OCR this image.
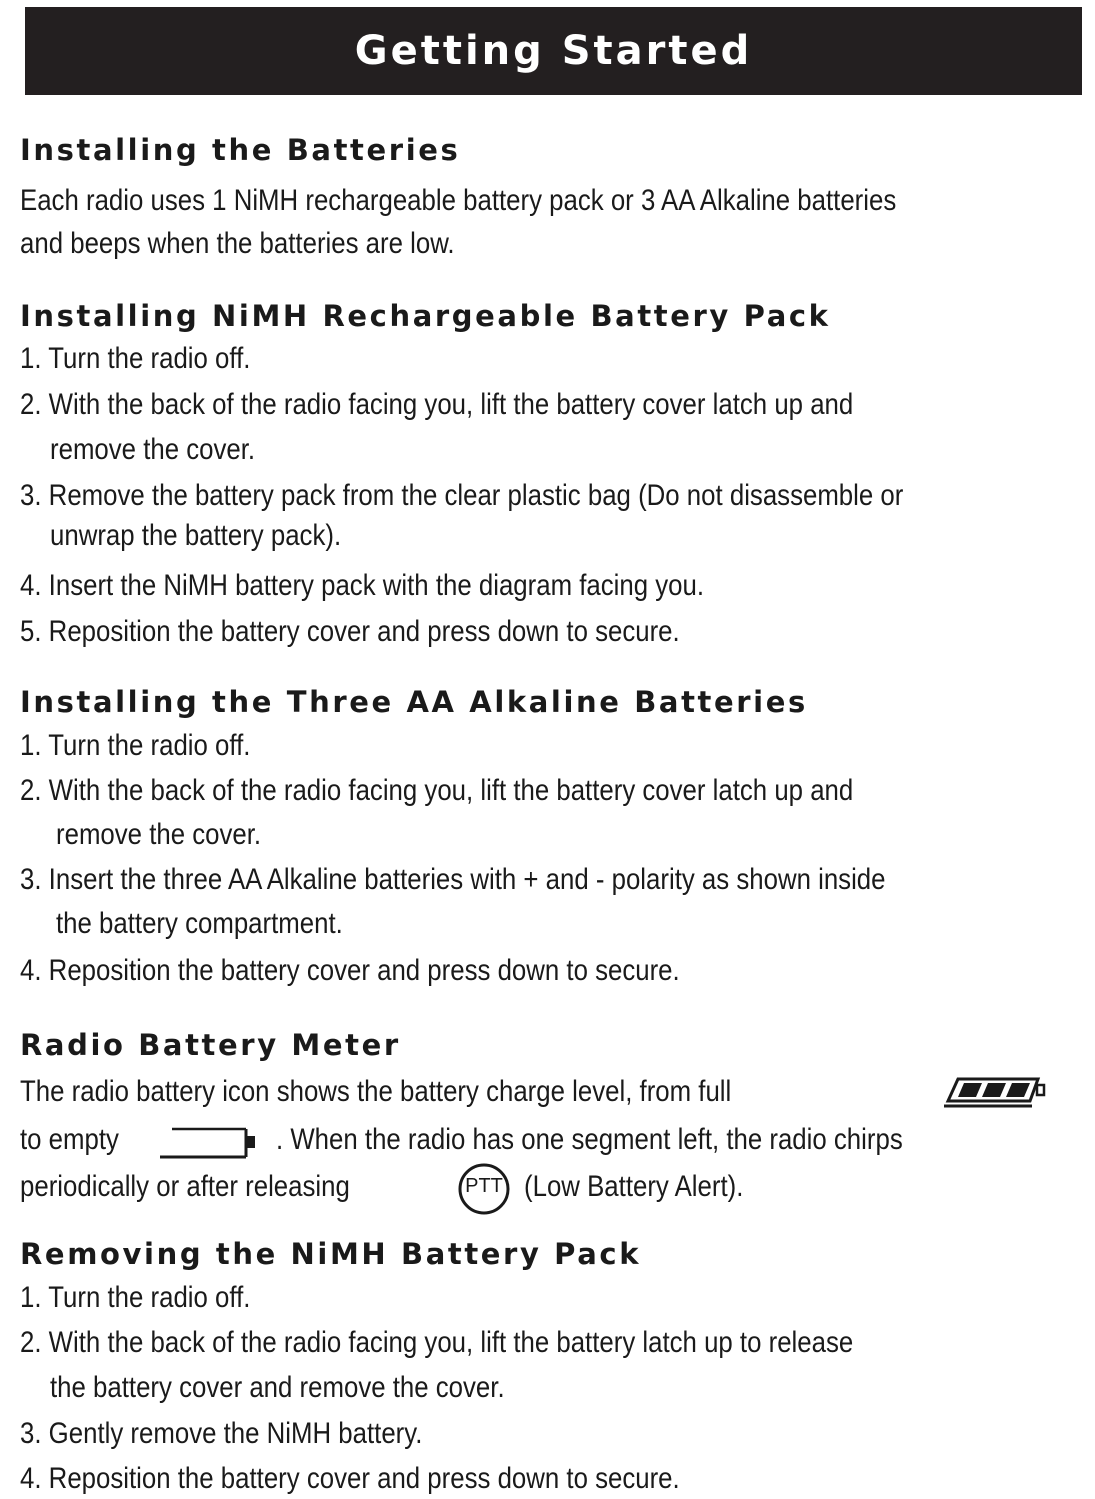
Getting Started
Installing the Batteries

Each radio uses 1 NiMH rechargeable battery pack or 3 AA Alkaline batteries

and beeps when the batteries are low.

Installing NiMH Rechargeable Battery Pack

1. Turn the radio off.

2. With the back of the radio facing you, lift the battery cover latch up and

remove the cover.

3. Remove the battery pack from the clear plastic bag (Do not disassemble or

unwrap the battery pack).

4. Insert the NiMH battery pack with the diagram facing you.

5. Reposition the battery cover and press down to secure.

Installing the Three AA Alkaline Batteries

1. Turn the radio off.

2. With the back of the radio facing you, lift the battery cover latch up and

remove the cover.

3. Insert the three AA Alkaline batteries with + and - polarity as shown inside

the battery compartment.

4. Reposition the battery cover and press down to secure.

Radio Battery Meter

The radio battery icon shows the battery charge level, from full

to empty	. When the radio has one segment left, the radio chirps

periodically or after releasing	PTT (Low Battery Alert).

Removing the NiMH Battery Pack

1. Turn the radio off.

2. With the back of the radio facing you, lift the battery latch up to release

the battery cover and remove the cover.

3. Gently remove the NiMH battery.

4. Reposition the battery cover and press down to secure.
